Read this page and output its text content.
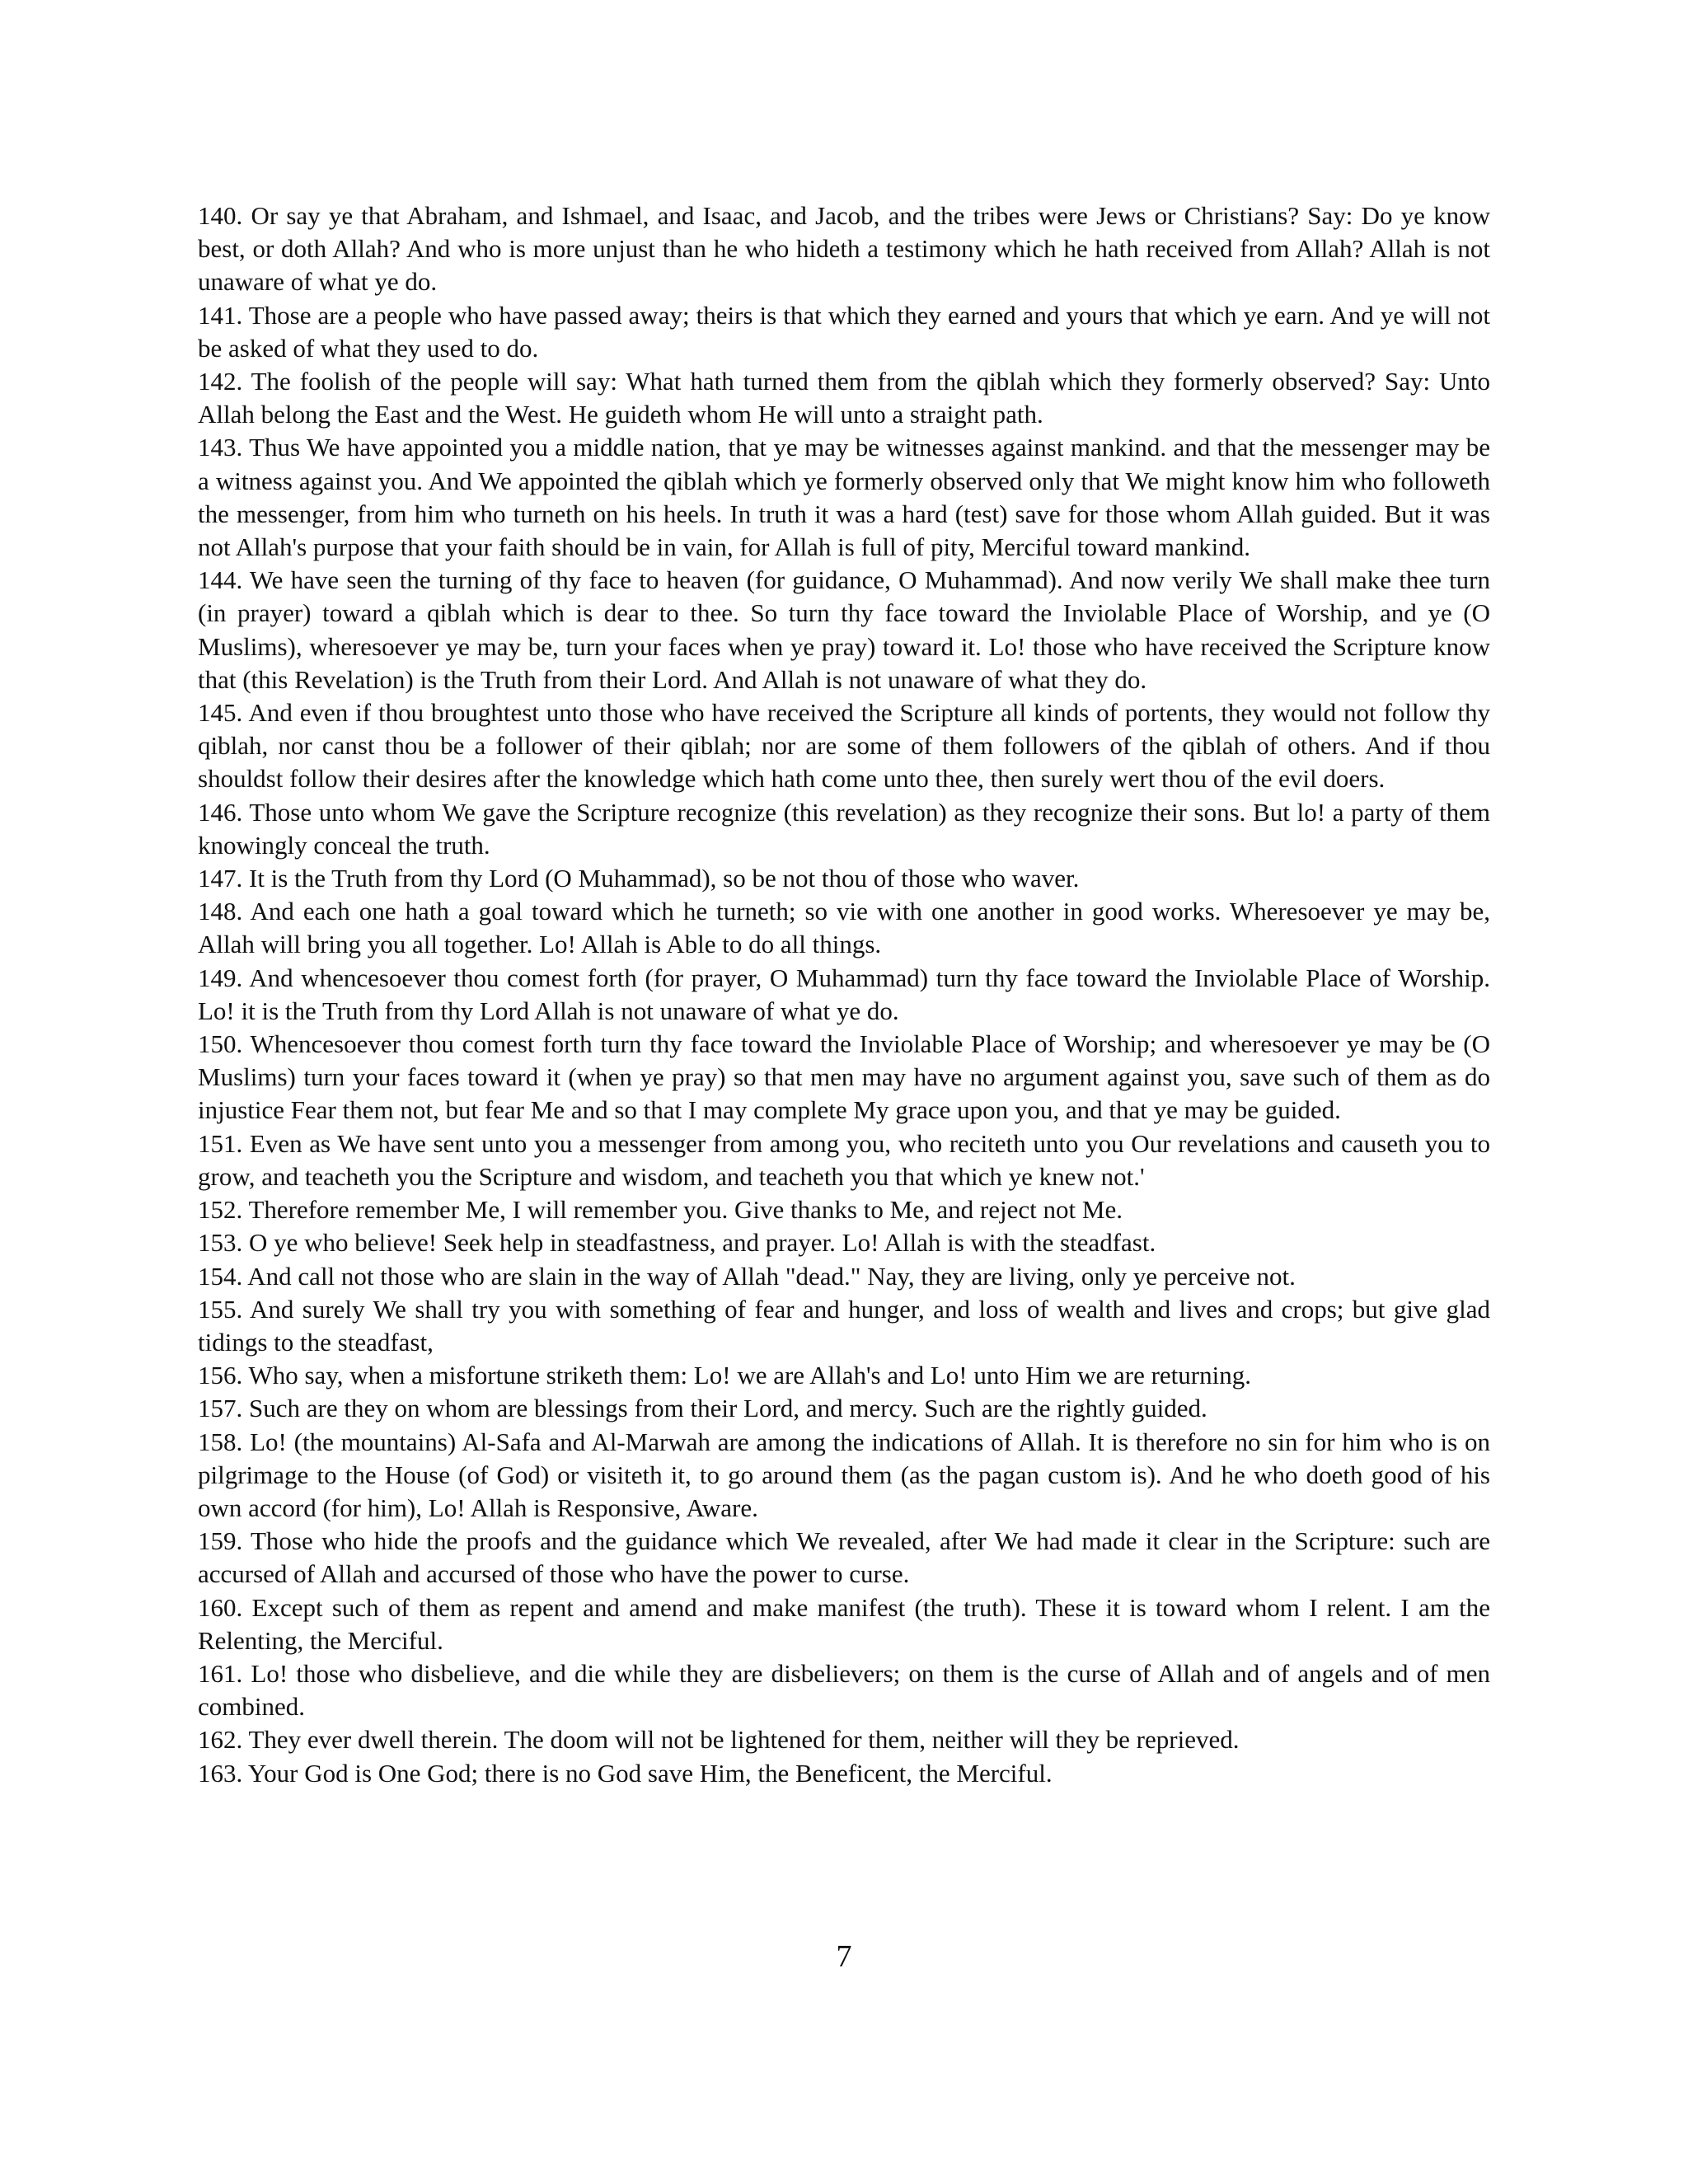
140. Or say ye that Abraham, and Ishmael, and Isaac, and Jacob, and the tribes were Jews or Christians? Say: Do ye know best, or doth Allah? And who is more unjust than he who hideth a testimony which he hath received from Allah? Allah is not unaware of what ye do.

141. Those are a people who have passed away; theirs is that which they earned and yours that which ye earn. And ye will not be asked of what they used to do.

142. The foolish of the people will say: What hath turned them from the qiblah which they formerly observed? Say: Unto Allah belong the East and the West. He guideth whom He will unto a straight path.

143. Thus We have appointed you a middle nation, that ye may be witnesses against mankind. and that the messenger may be a witness against you. And We appointed the qiblah which ye formerly observed only that We might know him who followeth the messenger, from him who turneth on his heels. In truth it was a hard (test) save for those whom Allah guided. But it was not Allah's purpose that your faith should be in vain, for Allah is full of pity, Merciful toward mankind.

144. We have seen the turning of thy face to heaven (for guidance, O Muhammad). And now verily We shall make thee turn (in prayer) toward a qiblah which is dear to thee. So turn thy face toward the Inviolable Place of Worship, and ye (O Muslims), wheresoever ye may be, turn your faces when ye pray) toward it. Lo! those who have received the Scripture know that (this Revelation) is the Truth from their Lord. And Allah is not unaware of what they do.

145. And even if thou broughtest unto those who have received the Scripture all kinds of portents, they would not follow thy qiblah, nor canst thou be a follower of their qiblah; nor are some of them followers of the qiblah of others. And if thou shouldst follow their desires after the knowledge which hath come unto thee, then surely wert thou of the evil doers.

146. Those unto whom We gave the Scripture recognize (this revelation) as they recognize their sons. But lo! a party of them knowingly conceal the truth.

147. It is the Truth from thy Lord (O Muhammad), so be not thou of those who waver.

148. And each one hath a goal toward which he turneth; so vie with one another in good works. Wheresoever ye may be, Allah will bring you all together. Lo! Allah is Able to do all things.

149. And whencesoever thou comest forth (for prayer, O Muhammad) turn thy face toward the Inviolable Place of Worship. Lo! it is the Truth from thy Lord Allah is not unaware of what ye do.

150. Whencesoever thou comest forth turn thy face toward the Inviolable Place of Worship; and wheresoever ye may be (O Muslims) turn your faces toward it (when ye pray) so that men may have no argument against you, save such of them as do injustice Fear them not, but fear Me and so that I may complete My grace upon you, and that ye may be guided.

151. Even as We have sent unto you a messenger from among you, who reciteth unto you Our revelations and causeth you to grow, and teacheth you the Scripture and wisdom, and teacheth you that which ye knew not.'

152. Therefore remember Me, I will remember you. Give thanks to Me, and reject not Me.

153. O ye who believe! Seek help in steadfastness, and prayer. Lo! Allah is with the steadfast.

154. And call not those who are slain in the way of Allah "dead." Nay, they are living, only ye perceive not.

155. And surely We shall try you with something of fear and hunger, and loss of wealth and lives and crops; but give glad tidings to the steadfast,

156. Who say, when a misfortune striketh them: Lo! we are Allah's and Lo! unto Him we are returning.

157. Such are they on whom are blessings from their Lord, and mercy. Such are the rightly guided.

158. Lo! (the mountains) Al-Safa and Al-Marwah are among the indications of Allah. It is therefore no sin for him who is on pilgrimage to the House (of God) or visiteth it, to go around them (as the pagan custom is). And he who doeth good of his own accord (for him), Lo! Allah is Responsive, Aware.

159. Those who hide the proofs and the guidance which We revealed, after We had made it clear in the Scripture: such are accursed of Allah and accursed of those who have the power to curse.

160. Except such of them as repent and amend and make manifest (the truth). These it is toward whom I relent. I am the Relenting, the Merciful.

161. Lo! those who disbelieve, and die while they are disbelievers; on them is the curse of Allah and of angels and of men combined.

162. They ever dwell therein. The doom will not be lightened for them, neither will they be reprieved.

163. Your God is One God; there is no God save Him, the Beneficent, the Merciful.

7
